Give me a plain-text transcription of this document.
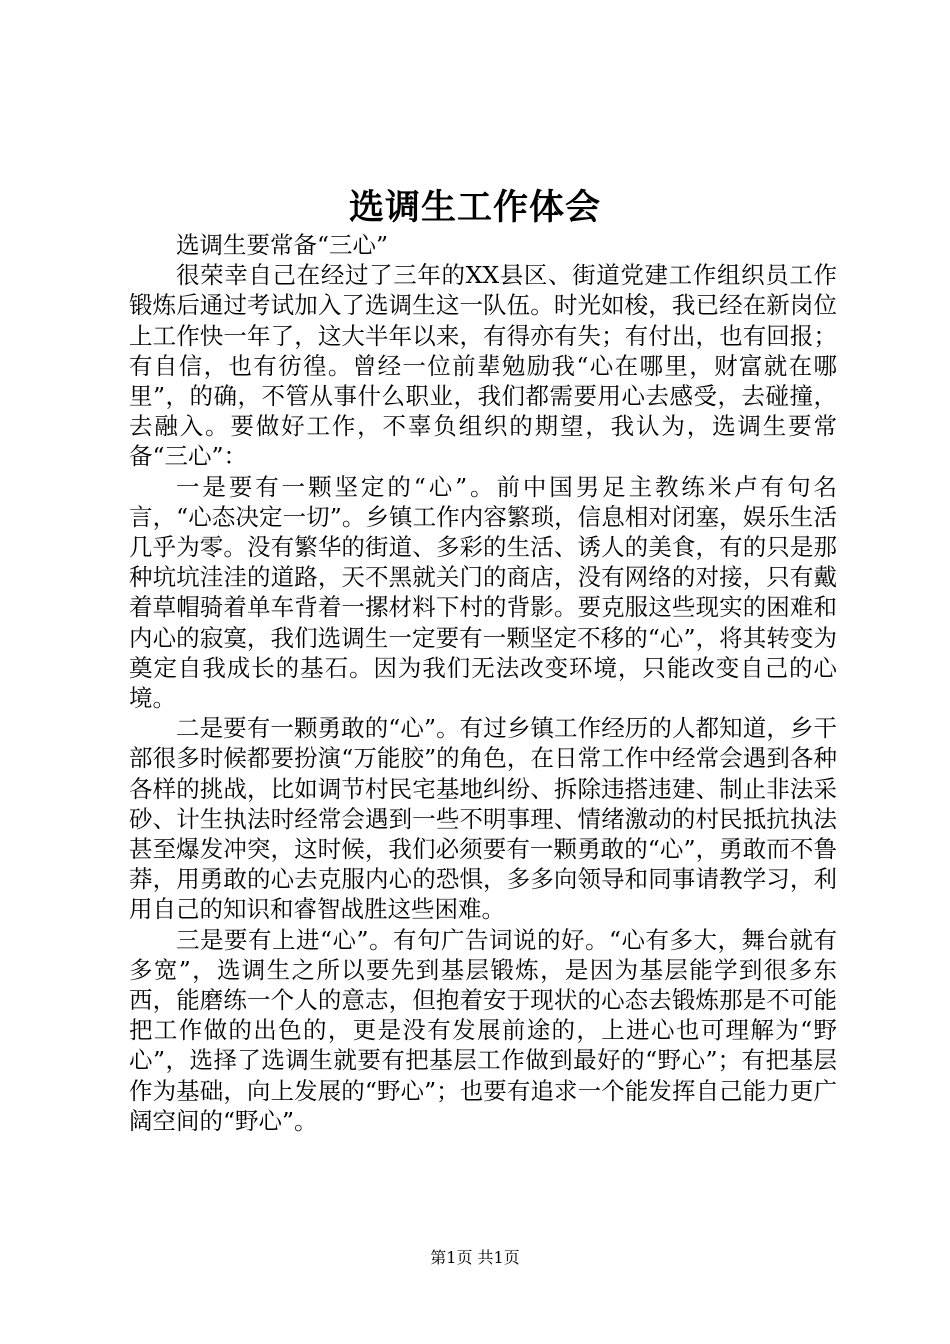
选调生工作体会

选调生要常备“三心”

很荣幸自己在经过了三年的XX县区、街道党建工作组织员工作锻炼后通过考试加入了选调生这一队伍。时光如梭，我已经在新岗位上工作快一年了，这大半年以来，有得亦有失；有付出，也有回报；有自信，也有彷徨。曾经一位前辈勉励我“心在哪里，财富就在哪里”，的确，不管从事什么职业，我们都需要用心去感受，去碰撞，去融入。要做好工作，不辜负组织的期望，我认为，选调生要常备“三心”：

一是要有一颗坚定的“心”。前中国男足主教练米卢有句名言，“心态决定一切”。乡镇工作内容繁琐，信息相对闭塞，娱乐生活几乎为零。没有繁华的街道、多彩的生活、诱人的美食，有的只是那种坑坑洼洼的道路，天不黑就关门的商店，没有网络的对接，只有戴着草帽骑着单车背着一摞材料下村的背影。要克服这些现实的困难和内心的寂寞，我们选调生一定要有一颗坚定不移的“心”，将其转变为奠定自我成长的基石。因为我们无法改变环境，只能改变自己的心境。

二是要有一颗勇敢的“心”。有过乡镇工作经历的人都知道，乡干部很多时候都要扮演“万能胶”的角色，在日常工作中经常会遇到各种各样的挑战，比如调节村民宅基地纠纷、拆除违搭违建、制止非法采砂、计生执法时经常会遇到一些不明事理、情绪激动的村民抵抗执法甚至爆发冲突，这时候，我们必须要有一颗勇敢的“心”，勇敢而不鲁莽，用勇敢的心去克服内心的恐惧，多多向领导和同事请教学习，利用自己的知识和睿智战胜这些困难。

三是要有上进“心”。有句广告词说的好。“心有多大，舞台就有多宽”，选调生之所以要先到基层锻炼，是因为基层能学到很多东西，能磨练一个人的意志，但抱着安于现状的心态去锻炼那是不可能把工作做的出色的，更是没有发展前途的，上进心也可理解为“野心”，选择了选调生就要有把基层工作做到最好的“野心”；有把基层作为基础，向上发展的“野心”；也要有追求一个能发挥自己能力更广阔空间的“野心”。

第1页 共1页
